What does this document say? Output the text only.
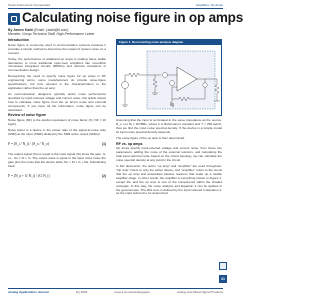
Texas Instruments Incorporated	Amplifiers: Op Amps
Calculating noise figure in op amps
By James Karki (Email: j-karki@ti.com)
Member, Group Technical Staff, High-Performance Linear
Introduction

Noise figure is commonly used in communication systems because it provides a simple method to determine the impact of system noise on a receiver.

Today, the performance of wideband op amps is making these stable derivatives to more traditional open-loop amplifiers like monolithic microwave integrated circuits (MMICs) and discrete transistors in communication design.

Recognizing the need to specify noise figure for op amps in RF engineering terms, some manufacturers do provide noise-figure specifications, but how relevant is the characterization to the application rather than the op amp.

As communication designers typically prefer noise performance specified by input-referred voltage and current noise, this article shows how to calculate noise figure from the op amp's noise and external components. If you have all the information, noise figure can be calculated.

Review of noise figure

Noise figure (NF) is the decibel equivalent of noise factor (F): NF = 10 log(F).

Noise factor is a device in the power ratio of the signal-to-noise ratio (SNR) at the input (SNRi) divided by the SNR at the output (SNRo):

F = (S_i / N_i) / (S_o / N_o)	(1)

The output signal (So) is equal to the input signal (Si) times the gain, G, i.e., So = Si × G. The output noise is equal to the input noise times the gain plus the noise that the device adds, No = Ni × G + Na. Substituting back:

F = (N_a + G·N_i) / (G·N_i)	(2)
Figure 1. Non-inverting noise analysis diagram

Assuming that the input is terminated in the same impedance as the source, R_s. Let Ni = 4kTBRs, where k is Boltzmann's constant and T = 290 kelvin; thus we find the input noise spectral density. If the device is a simple model its input noise spectral density depends.

The noise figure of the op amp is then determined.

RF vs. op amps

Op amps specify input-referred voltage and current noise, from these two parameters, adding the noise of the external resistors, and calculating the total input-referred noise based on the circuit topology, we can calculate the noise spectral density at any point in the circuit.

In this discussion, the terms "op amp" and "amplifier" are used throughout. "Op amp" refers to only the active device, and "amplifier" refers to the circuit that the op amp and associated passive resistors that make up a usable amplifier stage. In other words, the amplifier is everything shown in Figure 1, except Rs, and the op amp is one of the components within the shaded rectangle. In this way, the noise analysis and Equation 2 can be applied in the general case. The 2Rs term is defined by the input referred in Equation 2, as the input referred to be determined.

31
Analog Applications Journal	1Q 2003	www.ti.com/sc/analogapps	Analog and Mixed-Signal Products
